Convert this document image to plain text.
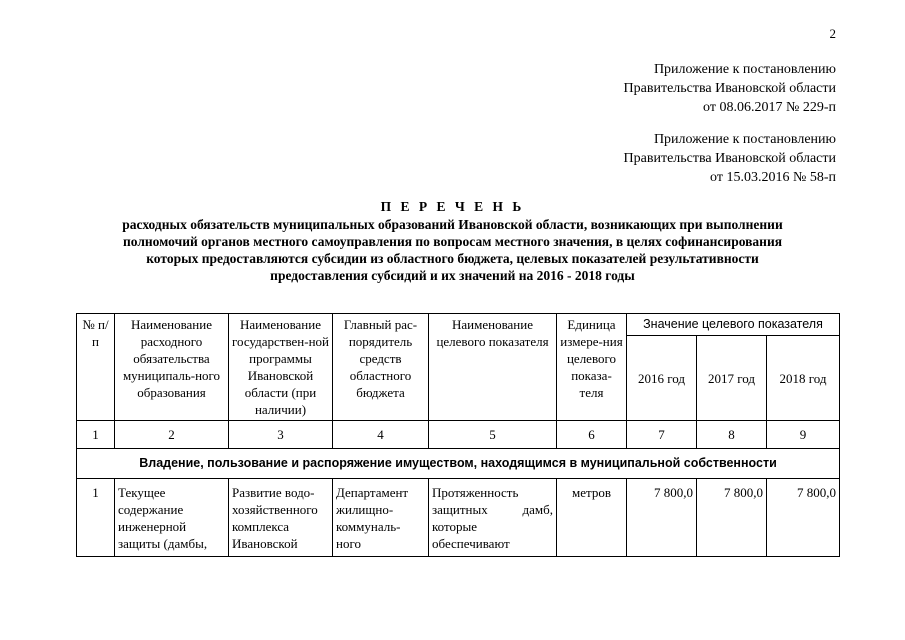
2
Приложение к постановлению
Правительства Ивановской области
от 08.06.2017 № 229-п
Приложение к постановлению
Правительства Ивановской области
от 15.03.2016 № 58-п
П Е Р Е Ч Е Н Ь
расходных обязательств муниципальных образований Ивановской области, возникающих при выполнении
полномочий органов местного самоуправления по вопросам местного значения, в целях софинансирования
которых предоставляются субсидии из областного бюджета, целевых показателей результативности
предоставления субсидий и их значений на 2016 - 2018 годы
№ п/п	Наименование расходного обязательства муниципаль-ного образования	Наименование государствен-ной программы Ивановской области (при наличии)	Главный рас-порядитель средств областного бюджета	Наименование целевого показателя	Единица измере-ния целевого показа-теля	Значение целевого показателя		
						2016 год	2017 год	2018 год
1	2	3	4	5	6	7	8	9
Владение, пользование и распоряжение имуществом, находящимся в муниципальной собственности								
1	Текущее содержание инженерной защиты (дамбы,	Развитие водо-хозяйственного комплекса Ивановской	Департамент жилищно-коммуналь-ного	Протяженность защитных дамб, которые обеспечивают	метров	7 800,0	7 800,0	7 800,0
